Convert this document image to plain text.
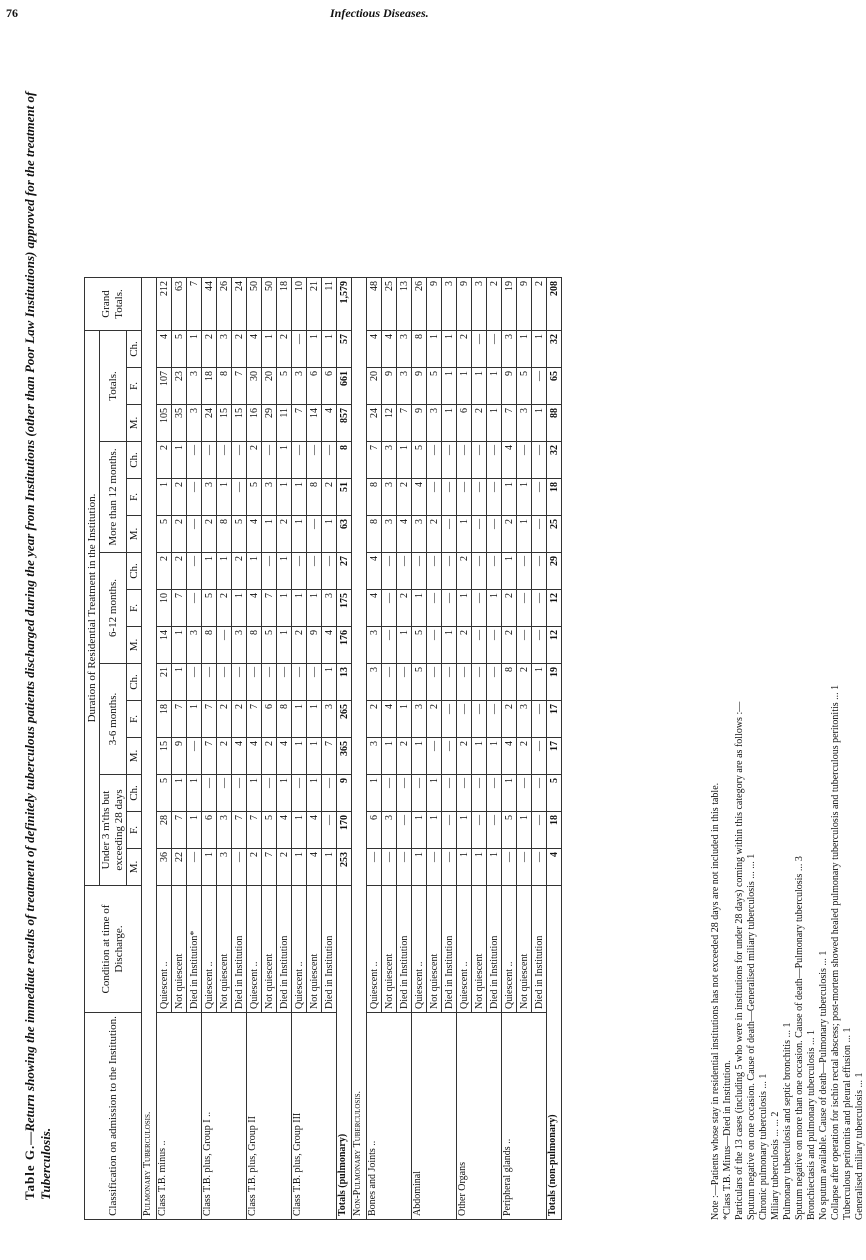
76	Infectious Diseases.
Table G.—Return showing the immediate results of treatment of definitely tuberculous patients discharged during the year from Institutions (other than Poor Law Institutions) approved for the treatment of Tuberculosis.	Classification on admission to the Institution.	Condition at time of Discharge.	Duration of Residential Treatment in the Institution.															Grand Totals.
		Under 3 m'ths but exceeding 28 days			3-6 months.			6-12 months.			More than 12 months.			Totals.			
		M.	F.	Ch.	M.	F.	Ch.	M.	F.	Ch.	M.	F.	Ch.	M.	F.	Ch.	
Pulmonary Tuberculosis.																	
Class T.B. minus ..	Quiescent ..	36	28	5	15	18	21	14	10	2	5	1	2	105	107	4	212
	Not quiescent	22	7	1	9	7	1	1	7	2	2	2	1	35	23	5	63
	Died in Institution*	—	1	1	—	1	—	3	—	—	—	—	—	3	3	1	7
Class T.B. plus, Group I ..	Quiescent ..	1	6	—	7	7	—	8	5	1	2	3	—	24	18	2	44
	Not quiescent	3	3	—	2	2	—	—	2	1	8	1	—	15	8	3	26
	Died in Institution	—	7	—	4	2	—	3	1	2	5	—	—	15	7	2	24
Class T.B. plus, Group II	Quiescent ..	2	7	1	4	7	—	8	4	1	4	5	2	16	30	4	50
	Not quiescent	7	5	—	2	6	—	5	7	—	1	3	—	29	20	1	50
	Died in Institution	2	4	1	4	8	—	1	1	1	2	1	1	11	5	2	18
Class T.B. plus, Group III	Quiescent ..	1	1	—	1	1	—	2	1	—	1	1	—	7	3	—	10
	Not quiescent	4	4	1	1	1	—	9	1	—	—	8	—	14	6	1	21
	Died in Institution	1	—	—	7	3	1	4	3	—	1	2	—	4	6	1	11
Totals (pulmonary)		253	170	9	365	265	13	176	175	27	63	51	8	857	661	57	1,579
Non-Pulmonary Tuberculosis.																	
Bones and Joints ..	Quiescent ..	—	6	1	3	2	3	3	4	4	8	8	7	24	20	4	48
	Not quiescent	—	3	—	1	4	—	—	—	—	3	3	3	12	9	4	25
	Died in Institution	—	—	—	2	1	—	1	2	—	4	2	1	7	3	3	13
Abdominal	Quiescent ..	1	1	—	1	3	5	5	1	—	3	4	5	9	9	8	26
	Not quiescent	—	1	1	—	2	—	—	—	—	2	—	—	3	5	1	9
	Died in Institution	—	—	—	—	—	—	1	—	—	—	—	—	1	1	1	3
Other Organs	Quiescent ..	1	1	—	2	—	—	2	1	2	1	—	—	6	1	2	9
	Not quiescent	1	—	—	1	—	—	—	—	—	—	—	—	2	1	—	3
	Died in Institution	1	—	—	1	—	—	—	1	—	—	—	—	1	1	—	2
Peripheral glands ..	Quiescent ..	—	5	1	4	2	8	2	2	1	2	1	4	7	9	3	19
	Not quiescent	—	1	—	2	3	2	—	—	—	1	1	—	3	5	1	9
	Died in Institution	—	—	—	—	—	1	—	—	—	—	—	—	1	—	1	2
Totals (non-pulmonary)		4	18	5	17	17	19	12	12	29	25	18	32	88	65	32	208
Note :—Patients whose stay in residential institutions has not exceeded 28 days are not included in this table. *Class T.B. Minus—Died in Institution. Particulars of the 13 cases (including 5 who were in institutions for under 28 days) coming within this category are as follows :— Sputum negative on one occasion. Cause of death—Generalised miliary tuberculosis ... ... 1 Chronic pulmonary tuberculosis ... 1 Miliary tuberculosis ... ... 2 Pulmonary tuberculosis and septic bronchitis ... 1 Sputum negative on more than one occasion. Cause of death—Pulmonary tuberculosis ... 3 Bronchiectasis and pulmonary tuberculosis ... 1 No sputum available. Cause of death—Pulmonary tuberculosis ... 1 Collapse after operation for ischio rectal abscess; post-mortem showed healed pulmonary tuberculosis and tuberculous peritonitis ... 1 Tuberculous peritonitis and pleural effusion ... 1 Generalised miliary tuberculosis ... 1
